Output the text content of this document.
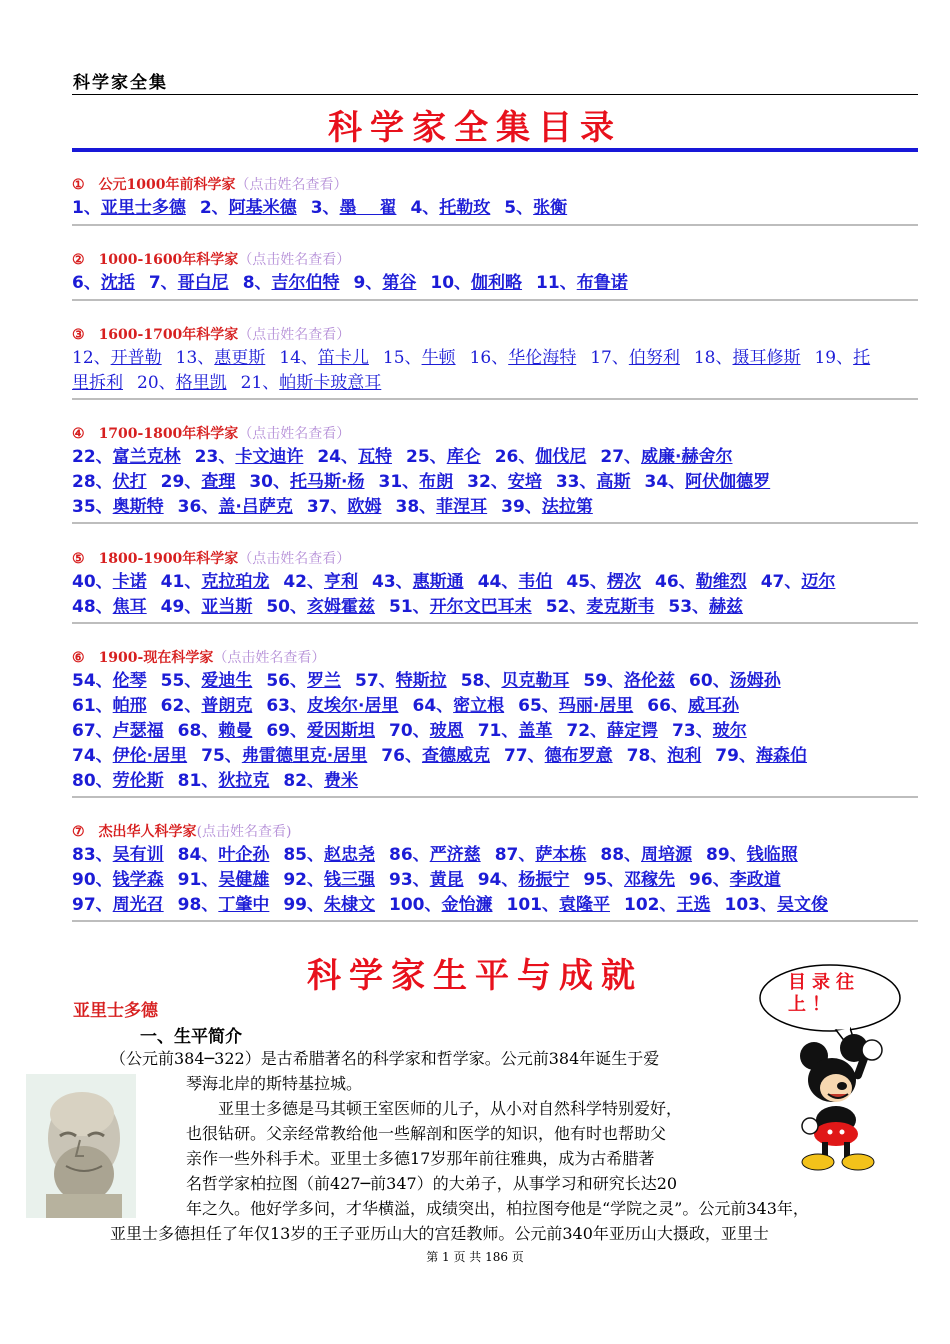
科学家全集
科学家全集目录
① 公元1000年前科学家（点击姓名查看）
1、亚里士多德 2、阿基米德 3、墨　 翟 4、托勒玫 5、张衡
② 1000-1600年科学家（点击姓名查看）
6、沈括 7、哥白尼 8、吉尔伯特 9、第谷 10、伽利略 11、布鲁诺
③ 1600-1700年科学家（点击姓名查看）
12、开普勒 13、惠更斯 14、笛卡儿 15、牛顿 16、华伦海特 17、伯努利 18、摄耳修斯 19、托
里拆利 20、格里凯 21、帕斯卡玻意耳
④ 1700-1800年科学家（点击姓名查看）
22、富兰克林 23、卡文迪许 24、瓦特 25、库仑 26、伽伐尼 27、威廉·赫舍尔
28、伏打 29、查理 30、托马斯·杨 31、布朗 32、安培 33、高斯 34、阿伏伽德罗
35、奥斯特 36、盖·吕萨克 37、欧姆 38、菲涅耳 39、法拉第
⑤ 1800-1900年科学家（点击姓名查看）
40、卡诺 41、克拉珀龙 42、亨利 43、惠斯通 44、韦伯 45、楞次 46、勒维烈 47、迈尔
48、焦耳 49、亚当斯 50、亥姆霍兹 51、开尔文巴耳末 52、麦克斯韦 53、赫兹
⑥ 1900-现在科学家（点击姓名查看）
54、伦琴 55、爱迪生 56、罗兰 57、特斯拉 58、贝克勒耳 59、洛伦兹 60、汤姆孙
61、帕邢 62、普朗克 63、皮埃尔·居里 64、密立根 65、玛丽·居里 66、威耳孙
67、卢瑟福 68、赖曼 69、爱因斯坦 70、玻恩 71、盖革 72、薛定谔 73、玻尔
74、伊伦·居里 75、弗雷德里克·居里 76、查德威克 77、德布罗意 78、泡利 79、海森伯
80、劳伦斯 81、狄拉克 82、费米
⑦ 杰出华人科学家(点击姓名查看)
83、吴有训 84、叶企孙 85、赵忠尧 86、严济慈 87、萨本栋 88、周培源 89、钱临照
90、钱学森 91、吴健雄 92、钱三强 93、黄昆 94、杨振宁 95、邓稼先 96、李政道
97、周光召 98、丁肇中 99、朱棣文 100、金怡濂 101、袁隆平 102、王选 103、吴文俊
科学家生平与成就	目录往上！
亚里士多德
一、生平简介
（公元前384─322）是古希腊著名的科学家和哲学家。公元前384年诞生于爱
琴海北岸的斯特基拉城。
亚里士多德是马其顿王室医师的儿子，从小对自然科学特别爱好，
也很钻研。父亲经常教给他一些解剖和医学的知识，他有时也帮助父
亲作一些外科手术。亚里士多德17岁那年前往雅典，成为古希腊著
名哲学家柏拉图（前427─前347）的大弟子，从事学习和研究长达20
年之久。他好学多问，才华横溢，成绩突出，柏拉图夸他是“学院之灵”。公元前343年，
亚里士多德担任了年仅13岁的王子亚历山大的宫廷教师。公元前340年亚历山大摄政，亚里士
第 1 页 共 186 页
